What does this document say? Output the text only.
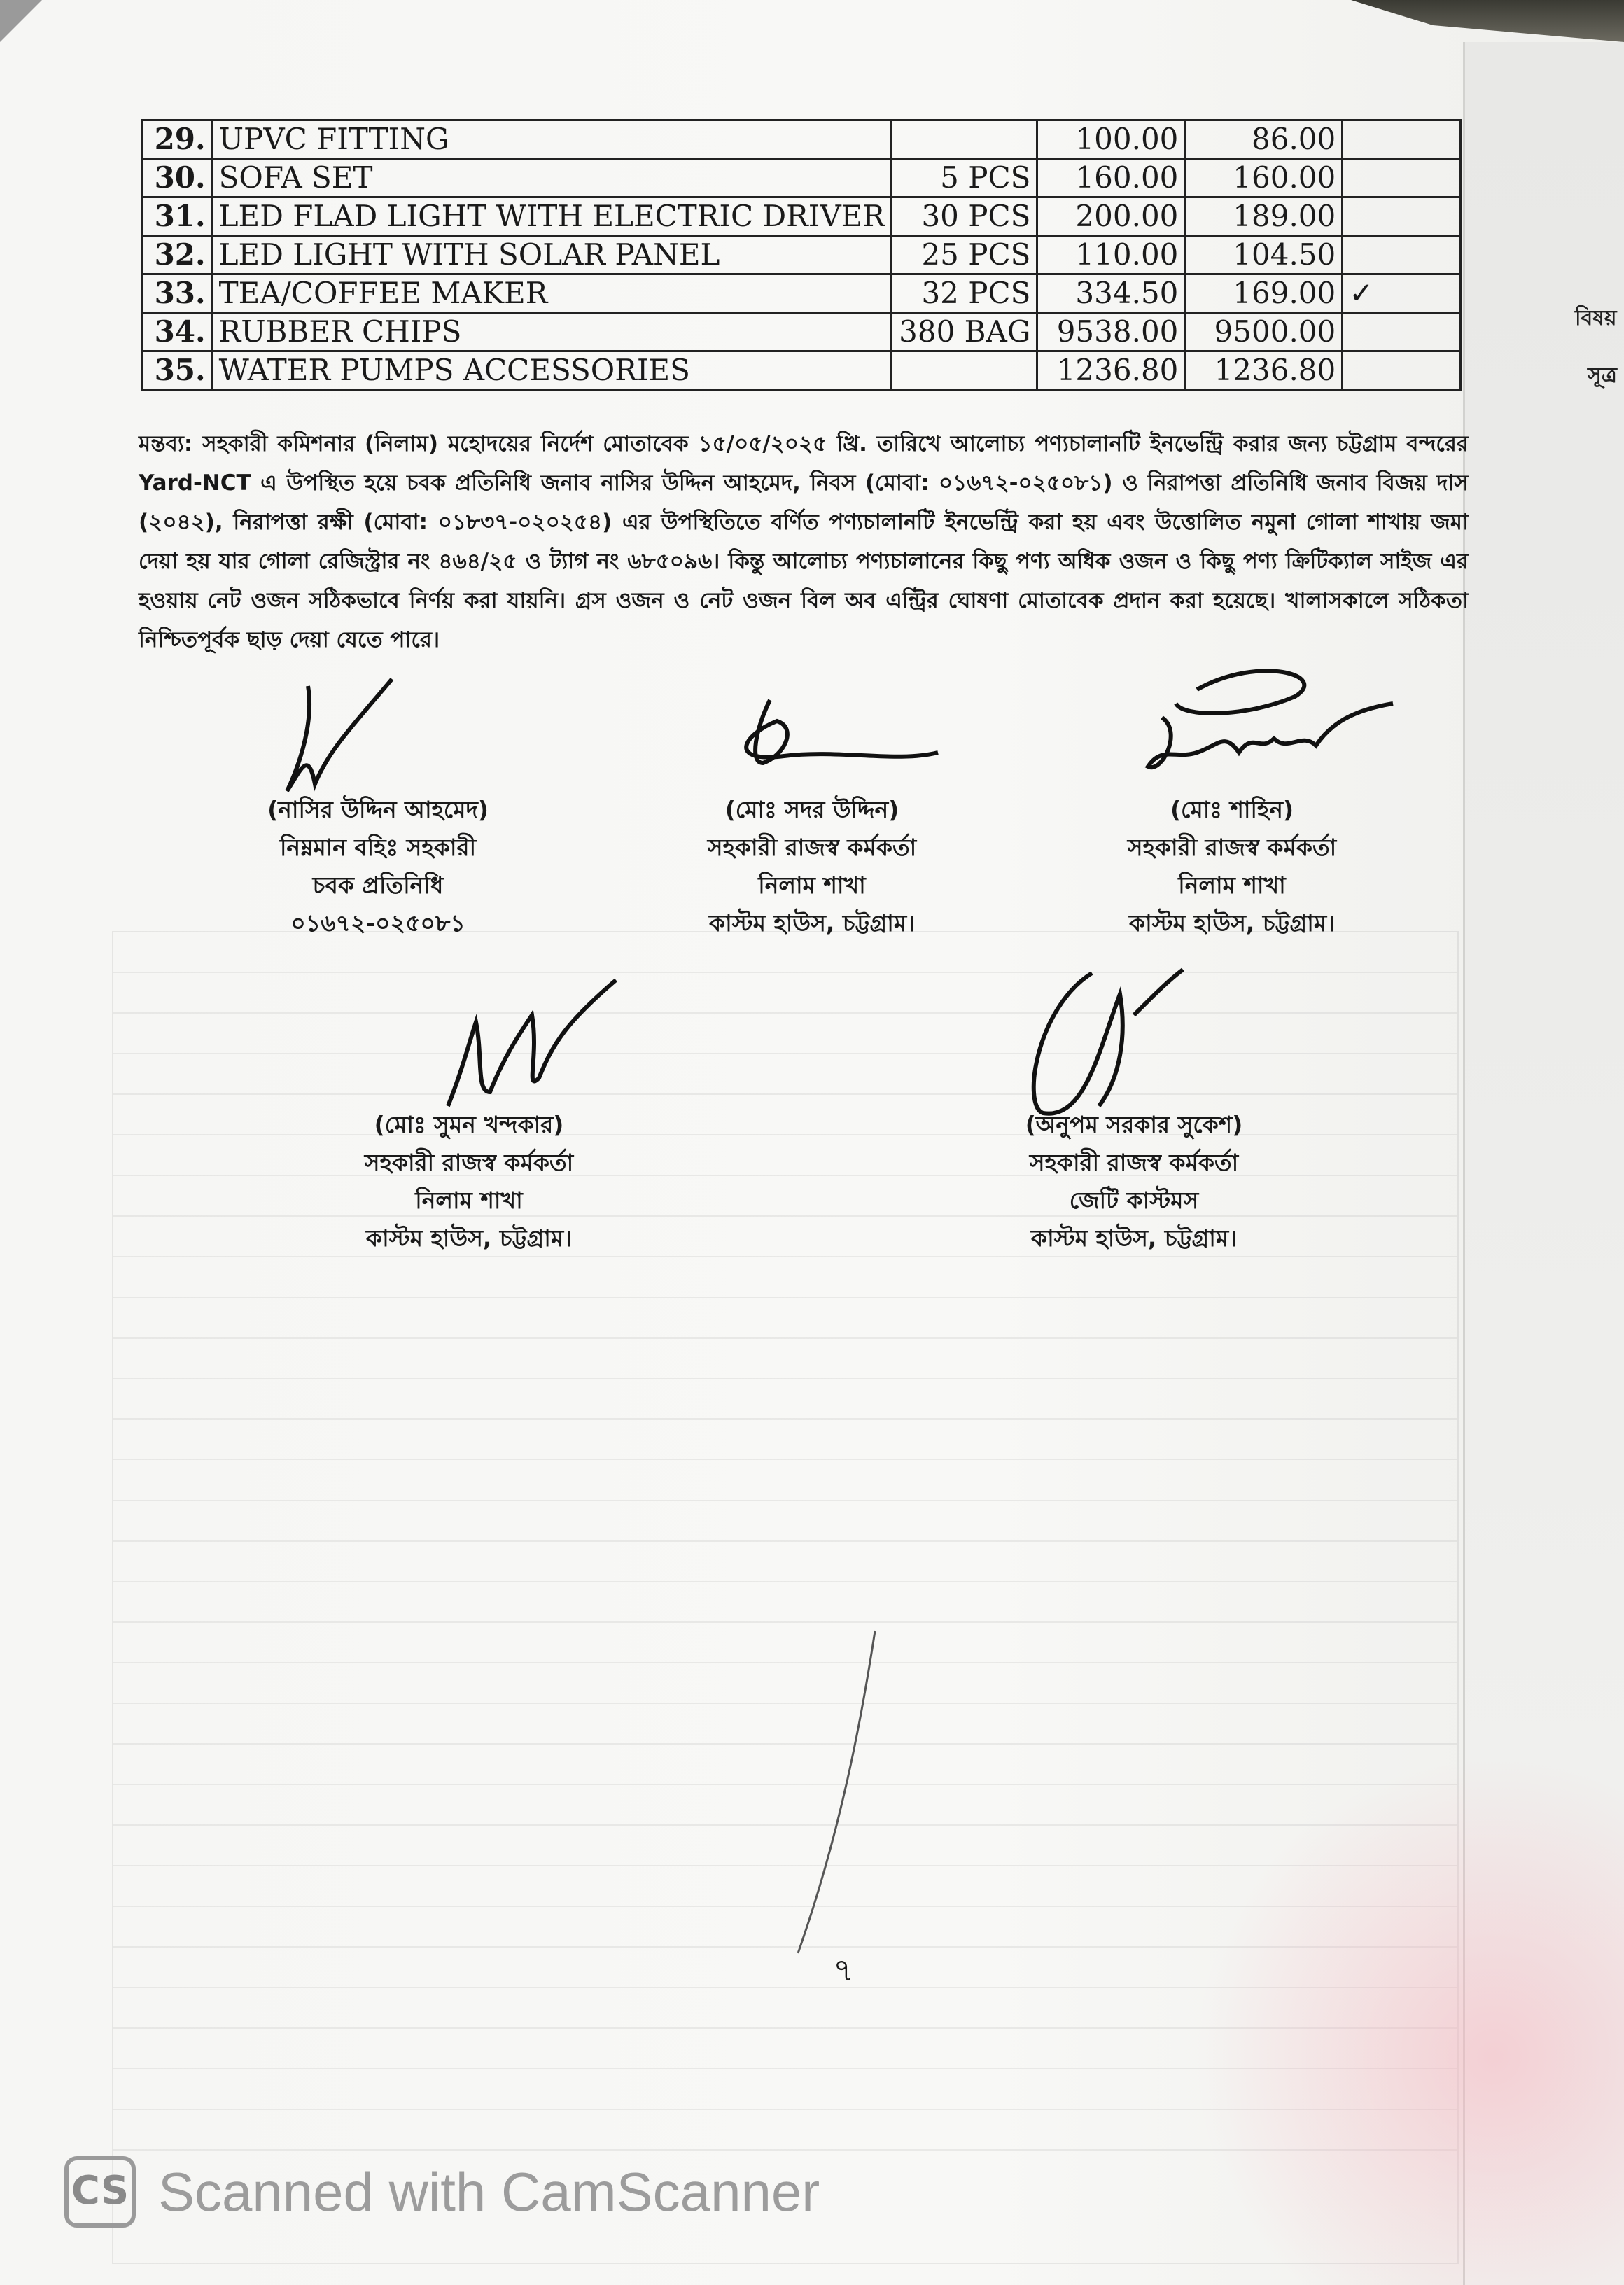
বিষয়
সূত্র
29.	UPVC FITTING		100.00	86.00	
30.	SOFA SET	5 PCS	160.00	160.00	
31.	LED FLAD LIGHT WITH ELECTRIC DRIVER	30 PCS	200.00	189.00	
32.	LED LIGHT WITH SOLAR PANEL	25 PCS	110.00	104.50	
33.	TEA/COFFEE MAKER	32 PCS	334.50	169.00	✓
34.	RUBBER CHIPS	380 BAG	9538.00	9500.00	
35.	WATER PUMPS ACCESSORIES		1236.80	1236.80	
মন্তব্য: সহকারী কমিশনার (নিলাম) মহোদয়ের নির্দেশ মোতাবেক ১৫/০৫/২০২৫ খ্রি. তারিখে আলোচ্য পণ্যচালানটি ইনভেন্ট্রি করার জন্য চট্টগ্রাম বন্দরের Yard-NCT এ উপস্থিত হয়ে চবক প্রতিনিধি জনাব নাসির উদ্দিন আহমেদ, নিবস (মোবা: ০১৬৭২-০২৫০৮১) ও নিরাপত্তা প্রতিনিধি জনাব বিজয় দাস (২০৪২), নিরাপত্তা রক্ষী (মোবা: ০১৮৩৭-০২০২৫৪) এর উপস্থিতিতে বর্ণিত পণ্যচালানটি ইনভেন্ট্রি করা হয় এবং উত্তোলিত নমুনা গোলা শাখায় জমা দেয়া হয় যার গোলা রেজিস্ট্রার নং ৪৬৪/২৫ ও ট্যাগ নং ৬৮৫০৯৬। কিন্তু আলোচ্য পণ্যচালানের কিছু পণ্য অধিক ওজন ও কিছু পণ্য ক্রিটিক্যাল সাইজ এর হওয়ায় নেট ওজন সঠিকভাবে নির্ণয় করা যায়নি। গ্রস ওজন ও নেট ওজন বিল অব এন্ট্রির ঘোষণা মোতাবেক প্রদান করা হয়েছে। খালাসকালে সঠিকতা নিশ্চিতপূর্বক ছাড় দেয়া যেতে পারে।
(নাসির উদ্দিন আহমেদ)
নিম্নমান বহিঃ সহকারী
চবক প্রতিনিধি
০১৬৭২-০২৫০৮১
(মোঃ সদর উদ্দিন)
সহকারী রাজস্ব কর্মকর্তা
নিলাম শাখা
কাস্টম হাউস, চট্টগ্রাম।
(মোঃ শাহিন)
সহকারী রাজস্ব কর্মকর্তা
নিলাম শাখা
কাস্টম হাউস, চট্টগ্রাম।
(মোঃ সুমন খন্দকার)
সহকারী রাজস্ব কর্মকর্তা
নিলাম শাখা
কাস্টম হাউস, চট্টগ্রাম।
(অনুপম সরকার সুকেশ)
সহকারী রাজস্ব কর্মকর্তা
জেটি কাস্টমস
কাস্টম হাউস, চট্টগ্রাম।
৭
CS Scanned with CamScanner
